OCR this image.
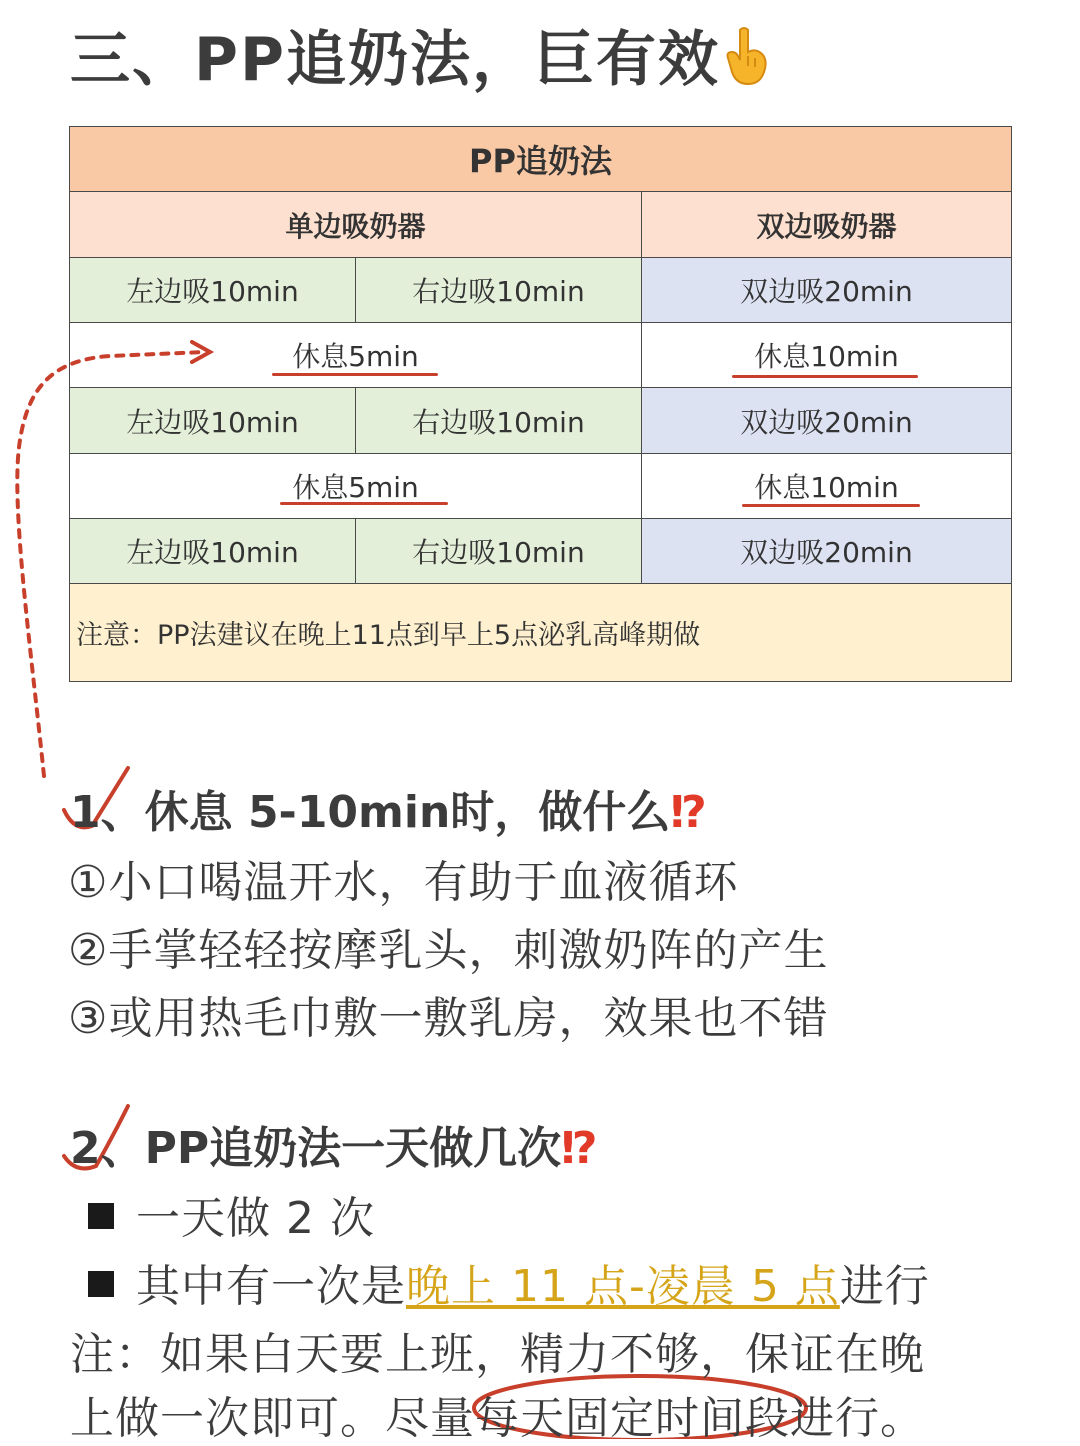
三、PP追奶法，巨有效
PP追奶法		
单边吸奶器		双边吸奶器
左边吸10min	右边吸10min	双边吸20min
休息5min		休息10min
左边吸10min	右边吸10min	双边吸20min
休息5min		休息10min
左边吸10min	右边吸10min	双边吸20min
注意：PP法建议在晚上11点到早上5点泌乳高峰期做		
1、休息 5-10min时，做什么⁉
①小口喝温开水，有助于血液循环
②手掌轻轻按摩乳头，刺激奶阵的产生
③或用热毛巾敷一敷乳房，效果也不错
2、PP追奶法一天做几次⁉
一天做 2 次
其中有一次是晚上 11 点-凌晨 5 点进行
注：如果白天要上班，精力不够，保证在晚
上做一次即可。尽量每天固定时间段进行。
